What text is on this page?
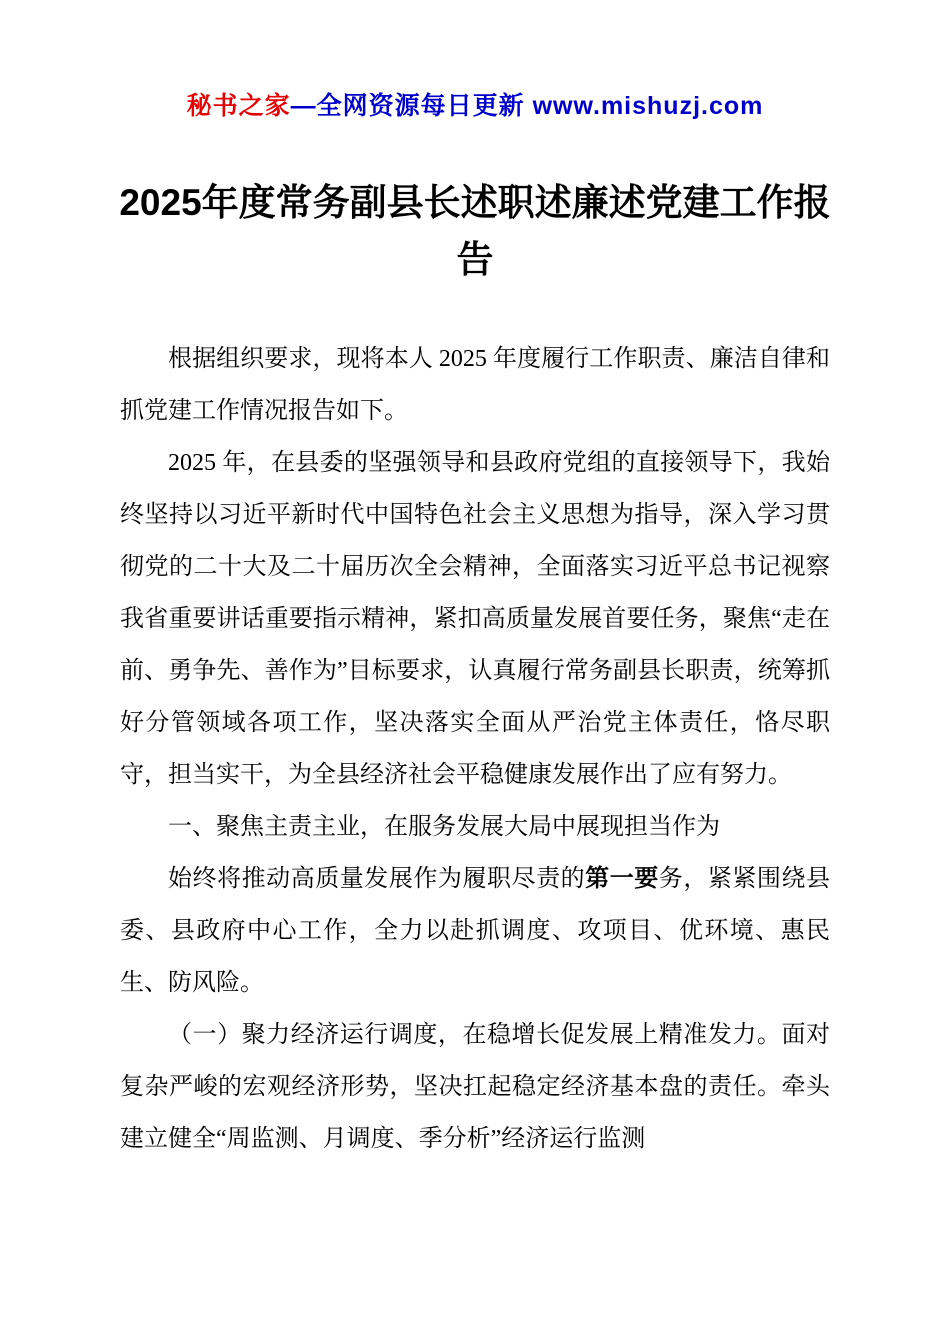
秘书之家—全网资源每日更新 www.mishuzj.com
2025年度常务副县长述职述廉述党建工作报告

根据组织要求，现将本人 2025 年度履行工作职责、廉洁自律和抓党建工作情况报告如下。

2025 年，在县委的坚强领导和县政府党组的直接领导下，我始终坚持以习近平新时代中国特色社会主义思想为指导，深入学习贯彻党的二十大及二十届历次全会精神，全面落实习近平总书记视察我省重要讲话重要指示精神，紧扣高质量发展首要任务，聚焦“走在前、勇争先、善作为”目标要求，认真履行常务副县长职责，统筹抓好分管领域各项工作，坚决落实全面从严治党主体责任，恪尽职守，担当实干，为全县经济社会平稳健康发展作出了应有努力。

一、聚焦主责主业，在服务发展大局中展现担当作为

始终将推动高质量发展作为履职尽责的第一要务，紧紧围绕县委、县政府中心工作，全力以赴抓调度、攻项目、优环境、惠民生、防风险。

（一）聚力经济运行调度，在稳增长促发展上精准发力。面对复杂严峻的宏观经济形势，坚决扛起稳定经济基本盘的责任。牵头建立健全“周监测、月调度、季分析”经济运行监测
